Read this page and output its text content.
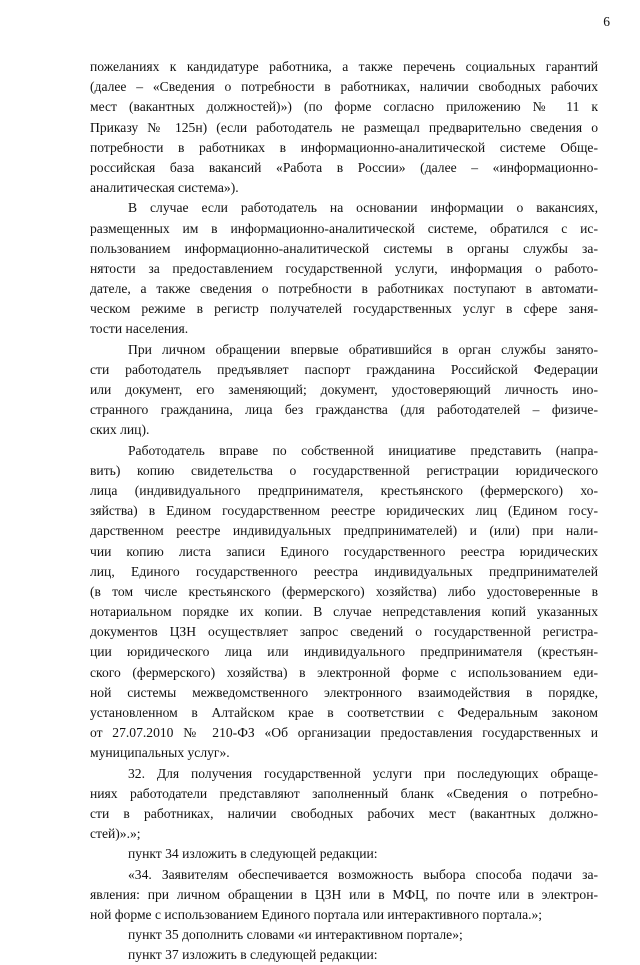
6
пожеланиях к кандидатуре работника, а также перечень социальных гарантий
(далее – «Сведения о потребности в работниках, наличии свободных рабочих
мест (вакантных должностей)») (по форме согласно приложению № 11 к
Приказу № 125н) (если работодатель не размещал предварительно сведения о
потребности в работниках в информационно-аналитической системе Обще-
российская база вакансий «Работа в России» (далее – «информационно-
аналитическая система»).
В случае если работодатель на основании информации о вакансиях,
размещенных им в информационно-аналитической системе, обратился с ис-
пользованием информационно-аналитической системы в органы службы за-
нятости за предоставлением государственной услуги, информация о работо-
дателе, а также сведения о потребности в работниках поступают в автомати-
ческом режиме в регистр получателей государственных услуг в сфере заня-
тости населения.
При личном обращении впервые обратившийся в орган службы занято-
сти работодатель предъявляет паспорт гражданина Российской Федерации
или документ, его заменяющий; документ, удостоверяющий личность ино-
странного гражданина, лица без гражданства (для работодателей – физиче-
ских лиц).
Работодатель вправе по собственной инициативе представить (напра-
вить) копию свидетельства о государственной регистрации юридического
лица (индивидуального предпринимателя, крестьянского (фермерского) хо-
зяйства) в Едином государственном реестре юридических лиц (Едином госу-
дарственном реестре индивидуальных предпринимателей) и (или) при нали-
чии копию листа записи Единого государственного реестра юридических
лиц, Единого государственного реестра индивидуальных предпринимателей
(в том числе крестьянского (фермерского) хозяйства) либо удостоверенные в
нотариальном порядке их копии. В случае непредставления копий указанных
документов ЦЗН осуществляет запрос сведений о государственной регистра-
ции юридического лица или индивидуального предпринимателя (крестьян-
ского (фермерского) хозяйства) в электронной форме с использованием еди-
ной системы межведомственного электронного взаимодействия в порядке,
установленном в Алтайском крае в соответствии с Федеральным законом
от 27.07.2010 № 210-ФЗ «Об организации предоставления государственных и
муниципальных услуг».
32. Для получения государственной услуги при последующих обраще-
ниях работодатели представляют заполненный бланк «Сведения о потребно-
сти в работниках, наличии свободных рабочих мест (вакантных должно-
стей)».»;
пункт 34 изложить в следующей редакции:
«34. Заявителям обеспечивается возможность выбора способа подачи за-
явления: при личном обращении в ЦЗН или в МФЦ, по почте или в электрон-
ной форме с использованием Единого портала или интерактивного портала.»;
пункт 35 дополнить словами «и интерактивном портале»;
пункт 37 изложить в следующей редакции:
